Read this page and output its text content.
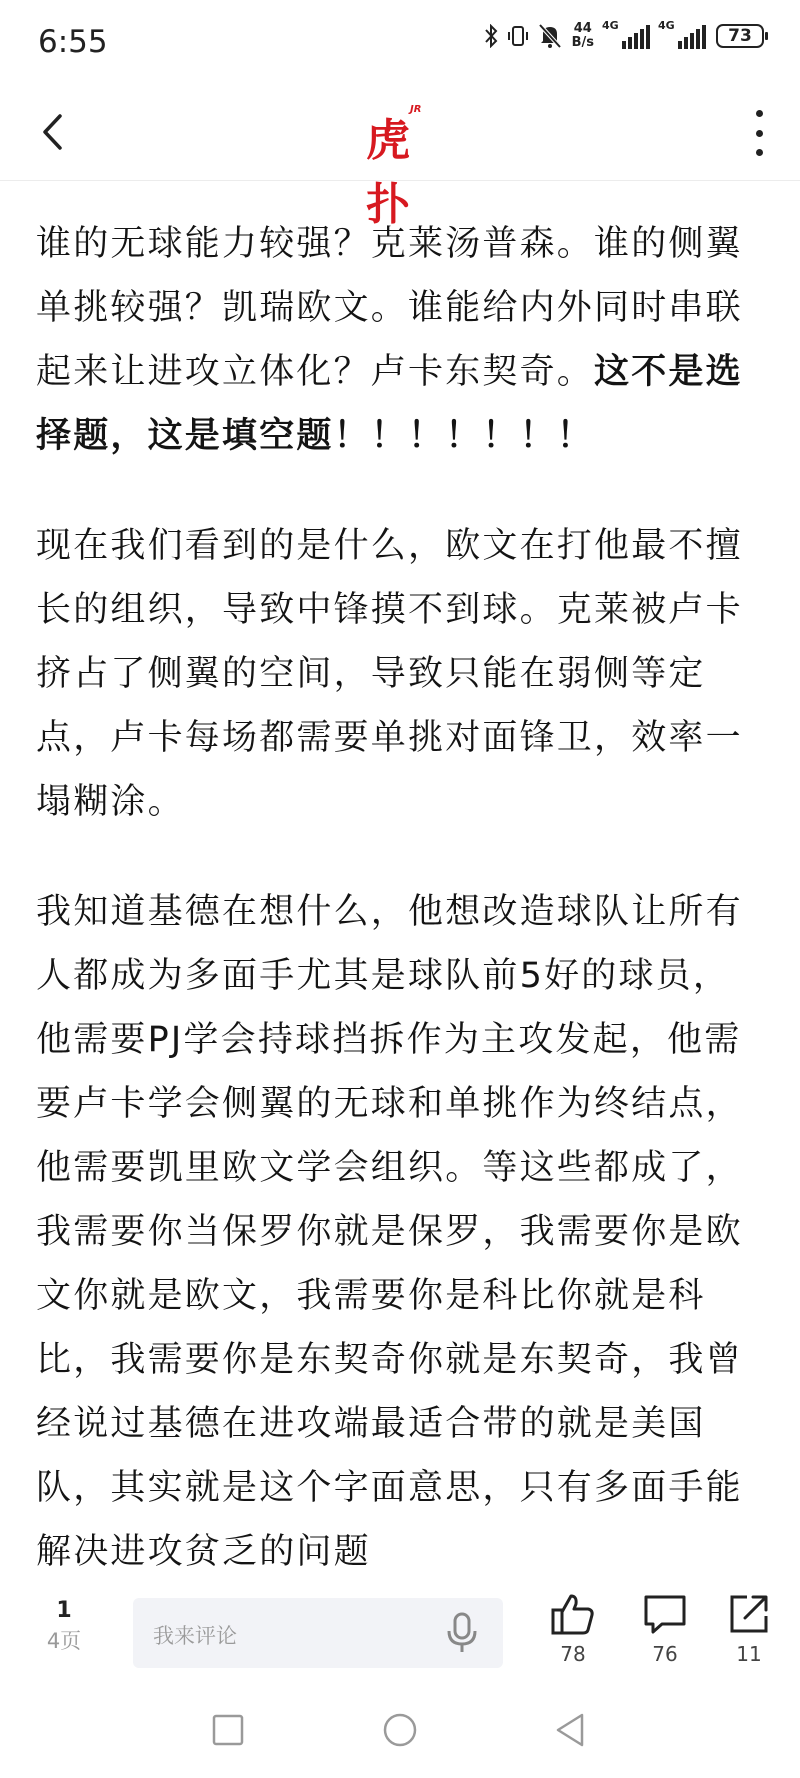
6:55	44
B/s
4G	4G
73
虎扑
JR

谁的无球能力较强？克莱汤普森。谁的侧翼单挑较强？凯瑞欧文。谁能给内外同时串联起来让进攻立体化？卢卡东契奇。这不是选择题，这是填空题！！！！！！！

现在我们看到的是什么，欧文在打他最不擅长的组织，导致中锋摸不到球。克莱被卢卡挤占了侧翼的空间，导致只能在弱侧等定点，卢卡每场都需要单挑对面锋卫，效率一塌糊涂。

我知道基德在想什么，他想改造球队让所有人都成为多面手尤其是球队前5好的球员，他需要PJ学会持球挡拆作为主攻发起，他需要卢卡学会侧翼的无球和单挑作为终结点，他需要凯里欧文学会组织。等这些都成了，我需要你当保罗你就是保罗，我需要你是欧文你就是欧文，我需要你是科比你就是科比，我需要你是东契奇你就是东契奇，我曾经说过基德在进攻端最适合带的就是美国队，其实就是这个字面意思，只有多面手能解决进攻贫乏的问题

1
4页	我来评论
78	76	11
